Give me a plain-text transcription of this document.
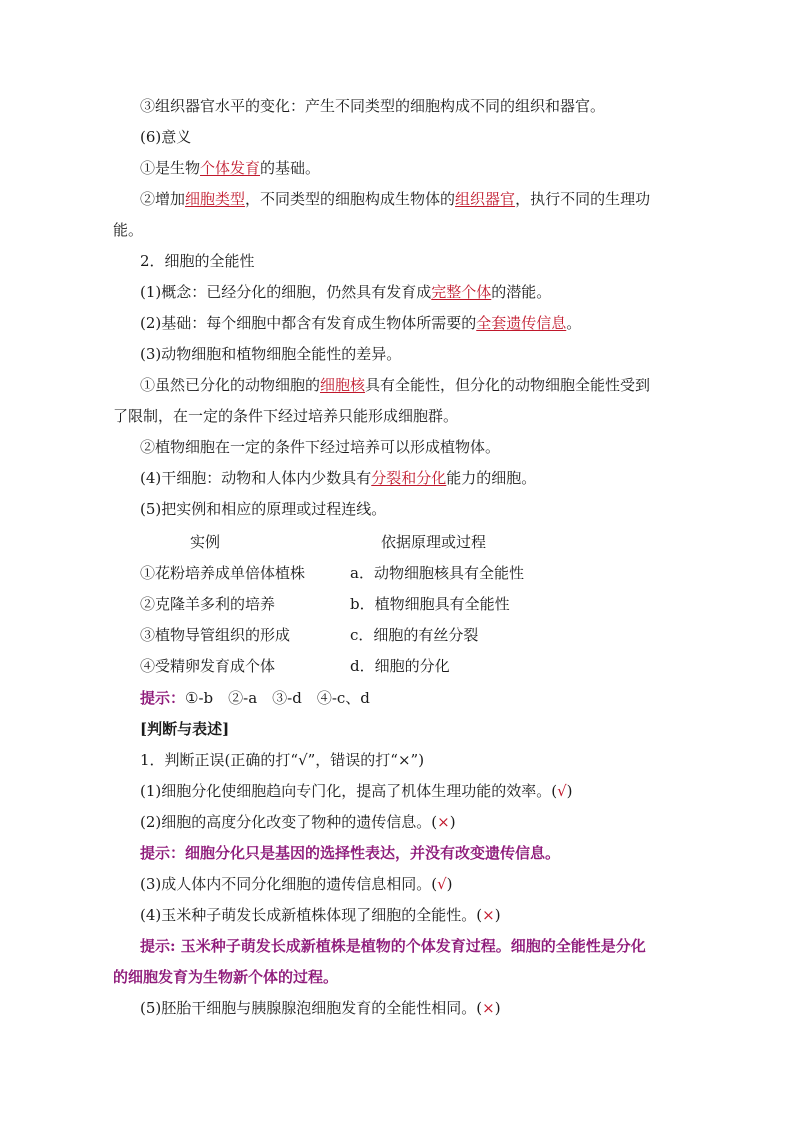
③组织器官水平的变化：产生不同类型的细胞构成不同的组织和器官。
(6)意义
①是生物个体发育的基础。
②增加细胞类型，不同类型的细胞构成生物体的组织器官，执行不同的生理功
能。
2．细胞的全能性
(1)概念：已经分化的细胞，仍然具有发育成完整个体的潜能。
(2)基础：每个细胞中都含有发育成生物体所需要的全套遗传信息。
(3)动物细胞和植物细胞全能性的差异。
①虽然已分化的动物细胞的细胞核具有全能性，但分化的动物细胞全能性受到
了限制，在一定的条件下经过培养只能形成细胞群。
②植物细胞在一定的条件下经过培养可以形成植物体。
(4)干细胞：动物和人体内少数具有分裂和分化能力的细胞。
(5)把实例和相应的原理或过程连线。
实例	依据原理或过程
①花粉培养成单倍体植株	a．动物细胞核具有全能性
②克隆羊多利的培养	b．植物细胞具有全能性
③植物导管组织的形成	c．细胞的有丝分裂
④受精卵发育成个体	d．细胞的分化
提示：①-b　②-a　③-d　④-c、d
[判断与表述]
1．判断正误(正确的打“√”，错误的打“×”)
(1)细胞分化使细胞趋向专门化，提高了机体生理功能的效率。(√)
(2)细胞的高度分化改变了物种的遗传信息。(×)
提示：细胞分化只是基因的选择性表达，并没有改变遗传信息。
(3)成人体内不同分化细胞的遗传信息相同。(√)
(4)玉米种子萌发长成新植株体现了细胞的全能性。(×)
提示: 玉米种子萌发长成新植株是植物的个体发育过程。细胞的全能性是分化
的细胞发育为生物新个体的过程。
(5)胚胎干细胞与胰腺腺泡细胞发育的全能性相同。(×)
